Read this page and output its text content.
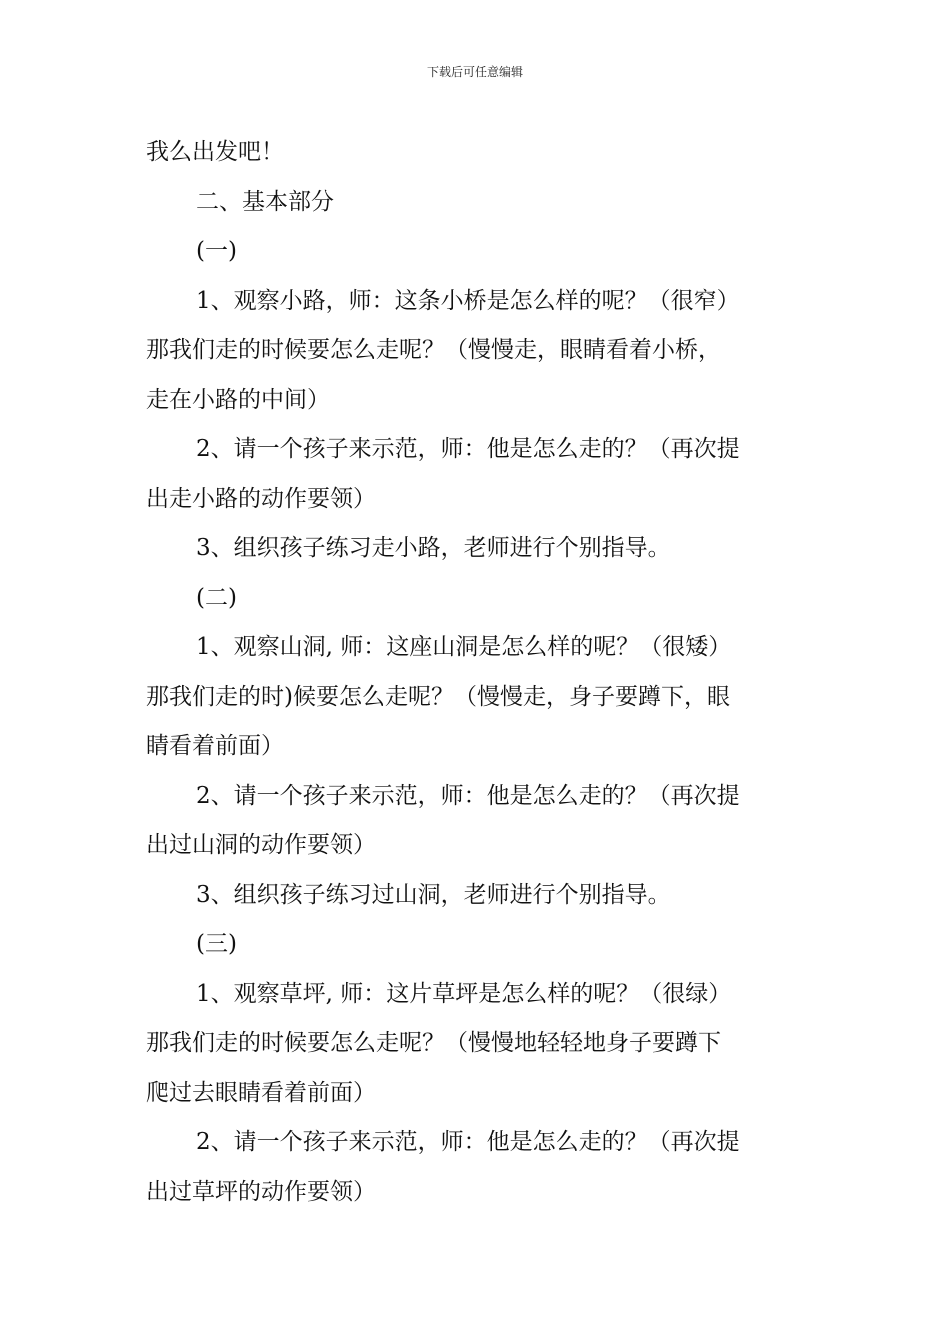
下载后可任意编辑

我么出发吧！

二、基本部分

(一)

1、观察小路，师：这条小桥是怎么样的呢？（很窄）

那我们走的时候要怎么走呢？（慢慢走，眼睛看着小桥，

走在小路的中间）

2、请一个孩子来示范，师：他是怎么走的？（再次提

出走小路的动作要领）

3、组织孩子练习走小路，老师进行个别指导。

(二)

1、观察山洞, 师：这座山洞是怎么样的呢？（很矮）

那我们走的时)候要怎么走呢？（慢慢走，身子要蹲下，眼

睛看着前面）

2、请一个孩子来示范，师：他是怎么走的？（再次提

出过山洞的动作要领）

3、组织孩子练习过山洞，老师进行个别指导。

(三)

1、观察草坪, 师：这片草坪是怎么样的呢？（很绿）

那我们走的时候要怎么走呢？（慢慢地轻轻地身子要蹲下

爬过去眼睛看着前面）

2、请一个孩子来示范，师：他是怎么走的？（再次提

出过草坪的动作要领）
